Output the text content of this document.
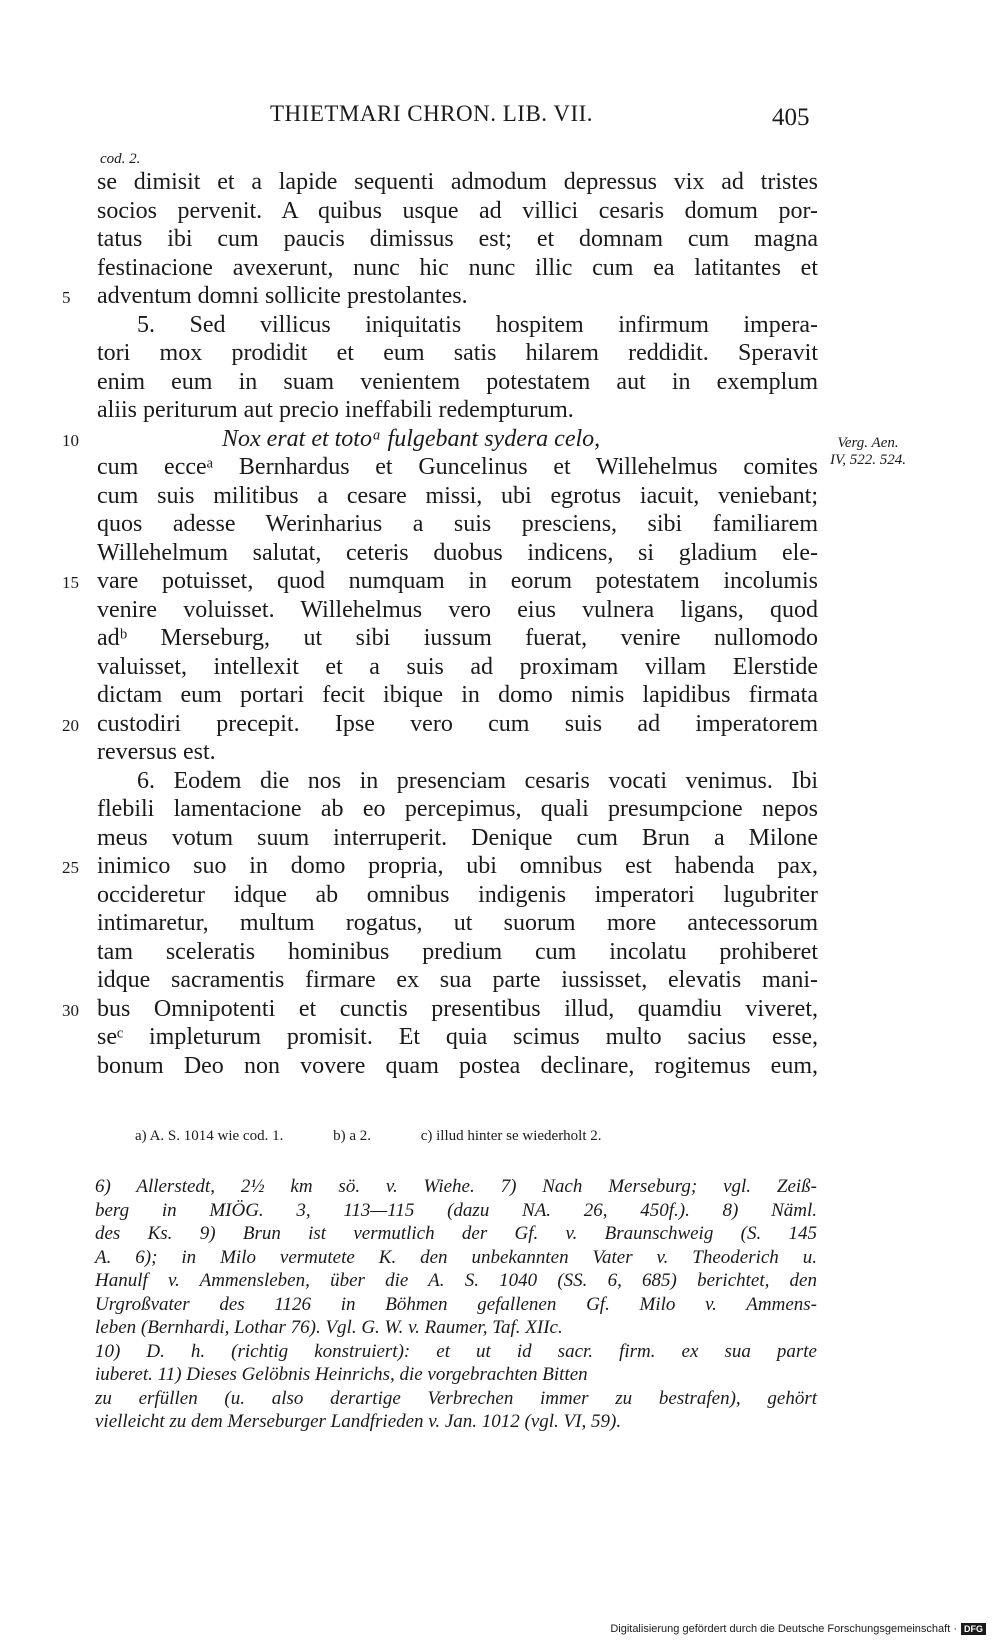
THIETMARI CHRON. LIB. VII.	405
cod. 2.
se dimisit et a lapide sequenti admodum depressus vix ad tristes
socios pervenit. A quibus usque ad villici cesaris domum por-
tatus ibi cum paucis dimissus est; et domnam cum magna
festinacione avexerunt, nunc hic nunc illic cum ea latitantes et
adventum domni sollicite prestolantes.
5. Sed villicus iniquitatis hospitem infirmum impera-
tori mox prodidit et eum satis hilarem reddidit. Speravit
enim eum in suam venientem potestatem aut in exemplum
aliis periturum aut precio ineffabili redempturum.
Nox erat et totoᵃ fulgebant sydera celo,
cum ecceᵃ Bernhardus et Guncelinus et Willehelmus comites
cum suis militibus a cesare missi, ubi egrotus iacuit, veniebant;
quos adesse Werinharius a suis presciens, sibi familiarem
Willehelmum salutat, ceteris duobus indicens, si gladium ele-
vare potuisset, quod numquam in eorum potestatem incolumis
venire voluisset. Willehelmus vero eius vulnera ligans, quod
adᵇ Merseburg, ut sibi iussum fuerat, venire nullomodo
valuisset, intellexit et a suis ad proximam villam Elerstide
dictam eum portari fecit ibique in domo nimis lapidibus firmata
custodiri precepit. Ipse vero cum suis ad imperatorem
reversus est.
6. Eodem die nos in presenciam cesaris vocati venimus. Ibi
flebili lamentacione ab eo percepimus, quali presumpcione nepos
meus votum suum interruperit. Denique cum Brun a Milone
inimico suo in domo propria, ubi omnibus est habenda pax,
occideretur idque ab omnibus indigenis imperatori lugubriter
intimaretur, multum rogatus, ut suorum more antecessorum
tam sceleratis hominibus predium cum incolatu prohiberet
idque sacramentis firmare ex sua parte iussisset, elevatis mani-
bus Omnipotenti et cunctis presentibus illud, quamdiu viveret,
seᶜ impleturum promisit. Et quia scimus multo sacius esse,
bonum Deo non vovere quam postea declinare, rogitemus eum,
5
10
15
20
25
30
Verg. Aen.
IV, 522. 524.
a) A. S. 1014 wie cod. 1.	b) a 2.	c) illud hinter se wiederholt 2.
6) Allerstedt, 2½ km sö. v. Wiehe. 7) Nach Merseburg; vgl. Zeiß-
berg in MIÖG. 3, 113—115 (dazu NA. 26, 450f.). 8) Näml.
des Ks. 9) Brun ist vermutlich der Gf. v. Braunschweig (S. 145
A. 6); in Milo vermutete K. den unbekannten Vater v. Theoderich u.
Hanulf v. Ammensleben, über die A. S. 1040 (SS. 6, 685) berichtet, den
Urgroßvater des 1126 in Böhmen gefallenen Gf. Milo v. Ammens-
leben (Bernhardi, Lothar 76). Vgl. G. W. v. Raumer, Taf. XIIc.
10) D. h. (richtig konstruiert): et ut id sacr. firm. ex sua parte
iuberet. 11) Dieses Gelöbnis Heinrichs, die vorgebrachten Bitten
zu erfüllen (u. also derartige Verbrechen immer zu bestrafen), gehört
vielleicht zu dem Merseburger Landfrieden v. Jan. 1012 (vgl. VI, 59).
Digitalisierung gefördert durch die Deutsche Forschungsgemeinschaft · DFG
